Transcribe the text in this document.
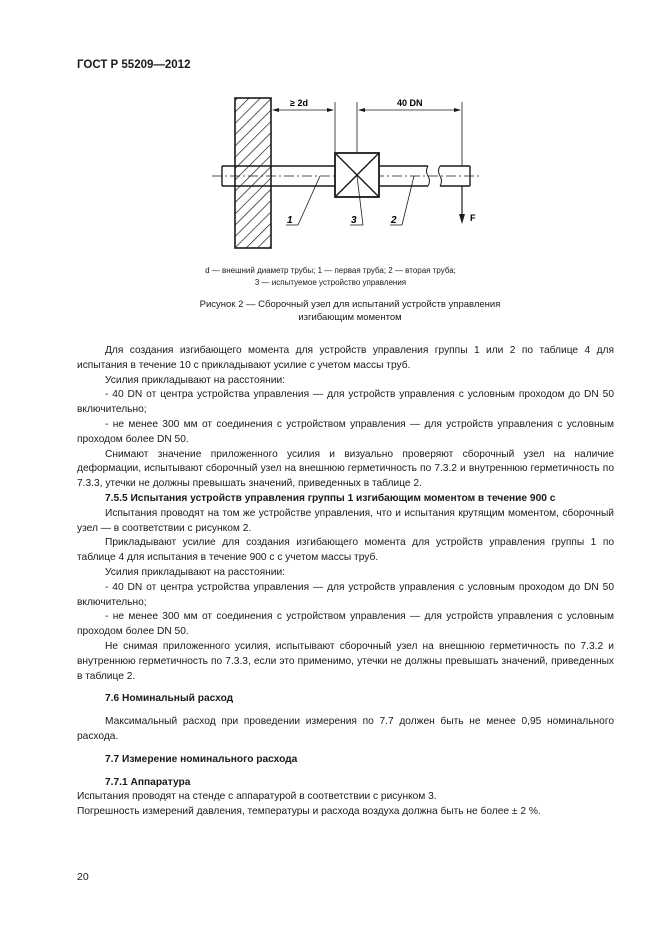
ГОСТ Р 55209—2012
≥ 2d	40 DN
F
1	3	2
d — внешний диаметр трубы; 1 — первая труба; 2 — вторая труба;
3 — испытуемое устройство управления
Рисунок 2 — Сборочный узел для испытаний устройств управления
изгибающим моментом

Для создания изгибающего момента для устройств управления группы 1 или 2 по таблице 4 для испытания в течение 10 с прикладывают усилие с учетом массы труб.

Усилия прикладывают на расстоянии:

- 40 DN от центра устройства управления — для устройств управления с условным проходом до DN 50 включительно;

- не менее 300 мм от соединения с устройством управления — для устройств управления с условным проходом более DN 50.

Снимают значение приложенного усилия и визуально проверяют сборочный узел на наличие деформации, испытывают сборочный узел на внешнюю герметичность по 7.3.2 и внутреннюю герметичность по 7.3.3, утечки не должны превышать значений, приведенных в таблице 2.

7.5.5 Испытания устройств управления группы 1 изгибающим моментом в течение 900 с

Испытания проводят на том же устройстве управления, что и испытания крутящим моментом, сборочный узел — в соответствии с рисунком 2.

Прикладывают усилие для создания изгибающего момента для устройств управления группы 1 по таблице 4 для испытания в течение 900 с с учетом массы труб.

Усилия прикладывают на расстоянии:

- 40 DN от центра устройства управления — для устройств управления с условным проходом до DN 50 включительно;

- не менее 300 мм от соединения с устройством управления — для устройств управления с условным проходом более DN 50.

Не снимая приложенного усилия, испытывают сборочный узел на внешнюю герметичность по 7.3.2 и внутреннюю герметичность по 7.3.3, если это применимо, утечки не должны превышать значений, приведенных в таблице 2.

7.6 Номинальный расход

Максимальный расход при проведении измерения по 7.7 должен быть не менее 0,95 номинального расхода.

7.7 Измерение номинального расхода

7.7.1 Аппаратура

Испытания проводят на стенде с аппаратурой в соответствии с рисунком 3.

Погрешность измерений давления, температуры и расхода воздуха должна быть не более ± 2 %.

20
